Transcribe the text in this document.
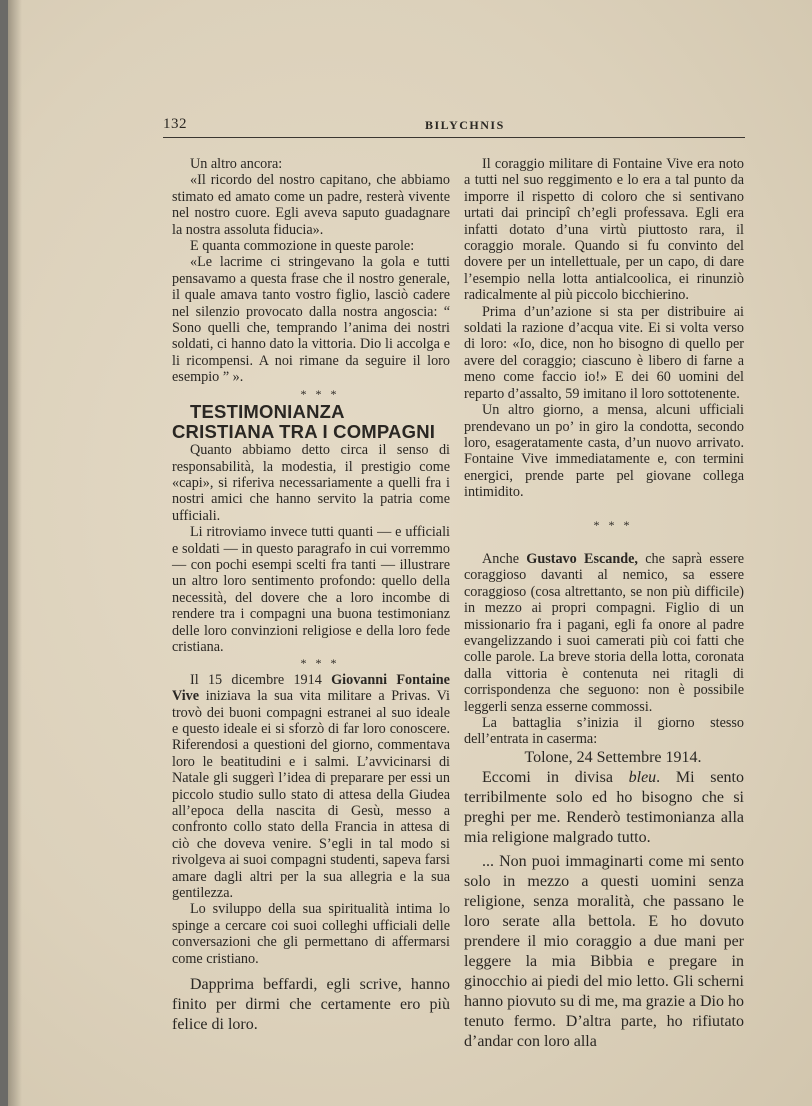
132	BILYCHNIS

Un altro ancora:

«Il ricordo del nostro capitano, che abbiamo stimato ed amato come un padre, resterà vivente nel nostro cuore. Egli aveva saputo guadagnare la nostra assoluta fiducia».

E quanta commozione in queste parole:

«Le lacrime ci stringevano la gola e tutti pensavamo a questa frase che il nostro generale, il quale amava tanto vostro figlio, lasciò cadere nel silenzio provocato dalla nostra angoscia: “ Sono quelli che, temprando l’anima dei nostri soldati, ci hanno dato la vittoria. Dio li accolga e li ricompensi. A noi rimane da seguire il loro esempio ” ».

* * *

TESTIMONIANZA CRISTIANA TRA I COMPAGNI

Quanto abbiamo detto circa il senso di responsabilità, la modestia, il prestigio come «capi», si riferiva necessariamente a quelli fra i nostri amici che hanno servito la patria come ufficiali.

Li ritroviamo invece tutti quanti — e ufficiali e soldati — in questo paragrafo in cui vorremmo — con pochi esempi scelti fra tanti — illustrare un altro loro sentimento profondo: quello della necessità, del dovere che a loro incombe di rendere tra i compagni una buona testimonianz delle loro convinzioni religiose e della loro fede cristiana.

* * *

Il 15 dicembre 1914 Giovanni Fontaine Vive iniziava la sua vita militare a Privas. Vi trovò dei buoni compagni estranei al suo ideale e questo ideale ei si sforzò di far loro conoscere. Riferendosi a questioni del giorno, commentava loro le beatitudini e i salmi. L’avvicinarsi di Natale gli suggerì l’idea di preparare per essi un piccolo studio sullo stato di attesa della Giudea all’epoca della nascita di Gesù, messo a confronto collo stato della Francia in attesa di ciò che doveva venire. S’egli in tal modo si rivolgeva ai suoi compagni studenti, sapeva farsi amare dagli altri per la sua allegria e la sua gentilezza.

Lo sviluppo della sua spiritualità intima lo spinge a cercare coi suoi colleghi ufficiali delle conversazioni che gli permettano di affermarsi come cristiano.

Dapprima beffardi, egli scrive, hanno finito per dirmi che certamente ero più felice di loro.

Il coraggio militare di Fontaine Vive era noto a tutti nel suo reggimento e lo era a tal punto da imporre il rispetto di coloro che si sentivano urtati dai principî ch’egli professava. Egli era infatti dotato d’una virtù piuttosto rara, il coraggio morale. Quando si fu convinto del dovere per un intellettuale, per un capo, di dare l’esempio nella lotta antialcoolica, ei rinunziò radicalmente al più piccolo bicchierino.

Prima d’un’azione si sta per distribuire ai soldati la razione d’acqua vite. Ei si volta verso di loro: «Io, dice, non ho bisogno di quello per avere del coraggio; ciascuno è libero di farne a meno come faccio io!» E dei 60 uomini del reparto d’assalto, 59 imitano il loro sottotenente.

Un altro giorno, a mensa, alcuni ufficiali prendevano un po’ in giro la condotta, secondo loro, esageratamente casta, d’un nuovo arrivato. Fontaine Vive immediatamente e, con termini energici, prende parte pel giovane collega intimidito.

* * *

Anche Gustavo Escande, che saprà essere coraggioso davanti al nemico, sa essere coraggioso (cosa altrettanto, se non più difficile) in mezzo ai propri compagni. Figlio di un missionario fra i pagani, egli fa onore al padre evangelizzando i suoi camerati più coi fatti che colle parole. La breve storia della lotta, coronata dalla vittoria è contenuta nei ritagli di corrispondenza che seguono: non è possibile leggerli senza esserne commossi.

La battaglia s’inizia il giorno stesso dell’entrata in caserma:

Tolone, 24 Settembre 1914.

Eccomi in divisa bleu. Mi sento terribilmente solo ed ho bisogno che si preghi per me. Renderò testimonianza alla mia religione malgrado tutto.

... Non puoi immaginarti come mi sento solo in mezzo a questi uomini senza religione, senza moralità, che passano le loro serate alla bettola. E ho dovuto prendere il mio coraggio a due mani per leggere la mia Bibbia e pregare in ginocchio ai piedi del mio letto. Gli scherni hanno piovuto su di me, ma grazie a Dio ho tenuto fermo. D’altra parte, ho rifiutato d’andar con loro alla
